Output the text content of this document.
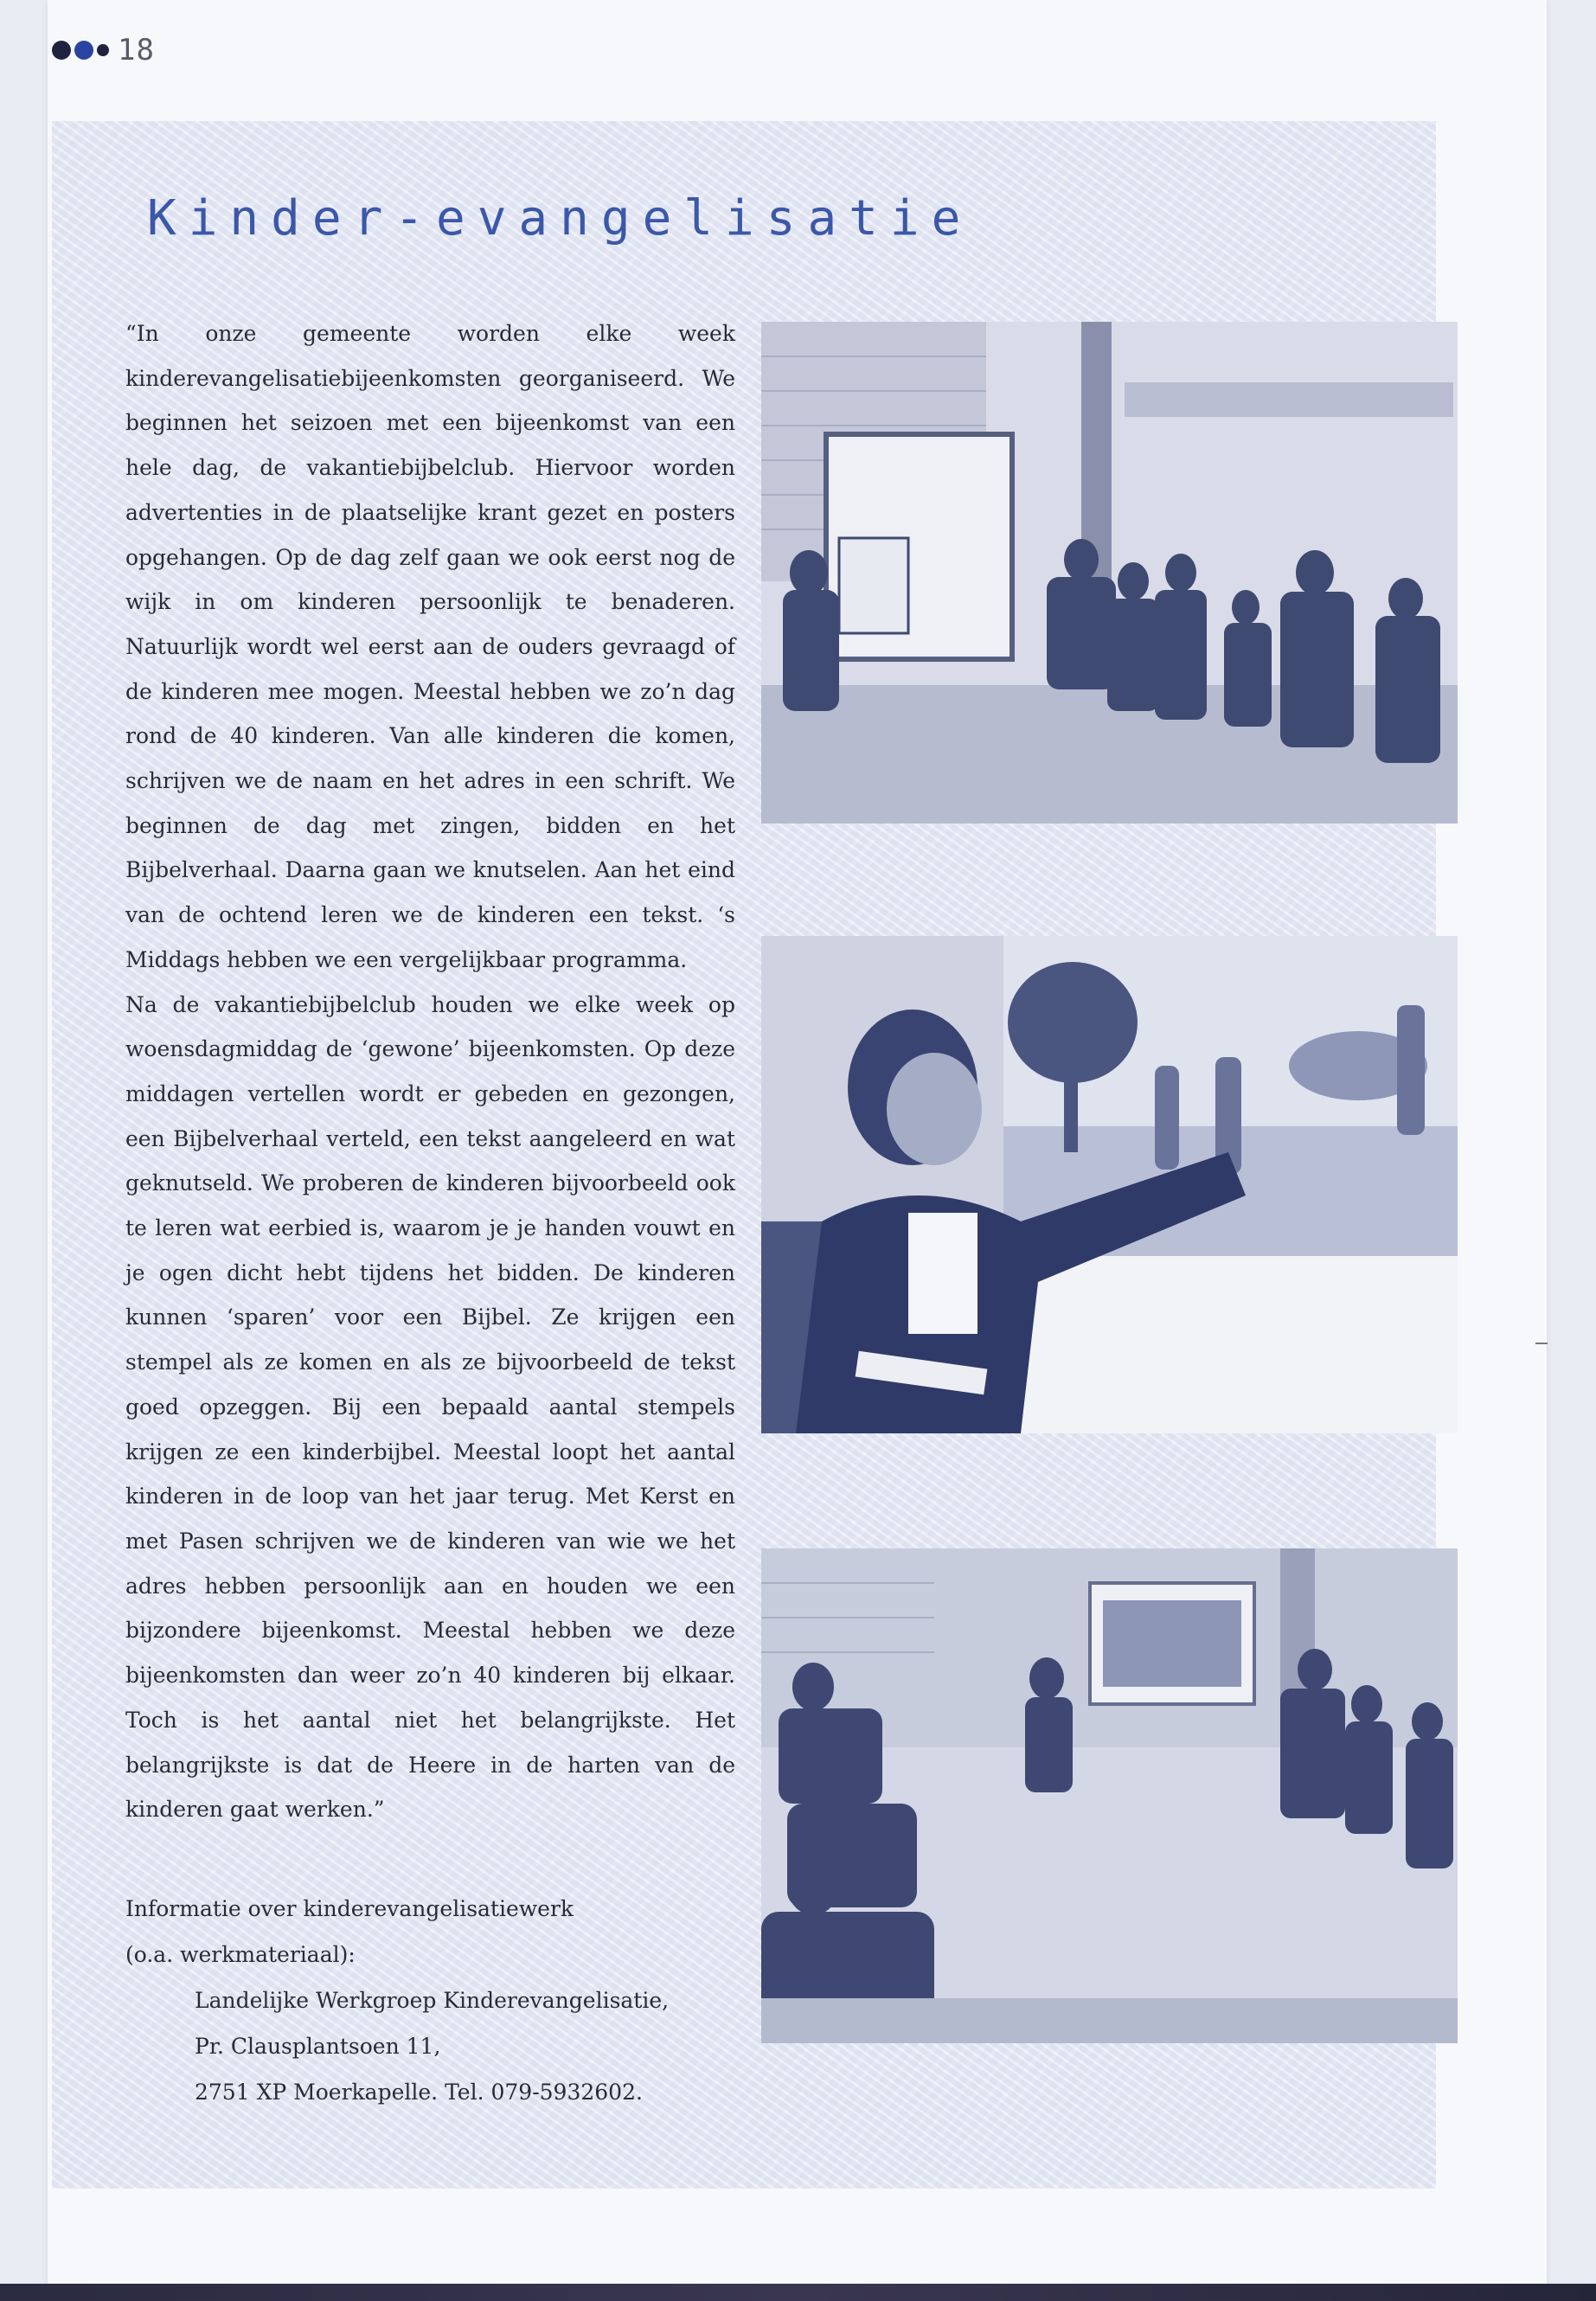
18
Kinder-evangelisatie

“In onze gemeente worden elke week kinderevangelisatiebijeenkomsten georganiseerd. We beginnen het seizoen met een bijeenkomst van een hele dag, de vakantiebijbelclub. Hiervoor worden advertenties in de plaatselijke krant gezet en posters opgehangen. Op de dag zelf gaan we ook eerst nog de wijk in om kinderen persoonlijk te benaderen. Natuurlijk wordt wel eerst aan de ouders gevraagd of de kinderen mee mogen. Meestal hebben we zo’n dag rond de 40 kinderen. Van alle kinderen die komen, schrijven we de naam en het adres in een schrift. We beginnen de dag met zingen, bidden en het Bijbelverhaal. Daarna gaan we knutselen. Aan het eind van de ochtend leren we de kinderen een tekst. ‘s Middags hebben we een vergelijkbaar programma.

Na de vakantiebijbelclub houden we elke week op woensdagmiddag de ‘gewone’ bijeenkomsten. Op deze middagen vertellen wordt er gebeden en gezongen, een Bijbelverhaal verteld, een tekst aangeleerd en wat geknutseld. We proberen de kinderen bijvoorbeeld ook te leren wat eerbied is, waarom je je handen vouwt en je ogen dicht hebt tijdens het bidden. De kinderen kunnen ‘sparen’ voor een Bijbel. Ze krijgen een stempel als ze komen en als ze bijvoorbeeld de tekst goed opzeggen. Bij een bepaald aantal stempels krijgen ze een kinderbijbel. Meestal loopt het aantal kinderen in de loop van het jaar terug. Met Kerst en met Pasen schrijven we de kinderen van wie we het adres hebben persoonlijk aan en houden we een bijzondere bijeenkomst. Meestal hebben we deze bijeenkomsten dan weer zo’n 40 kinderen bij elkaar. Toch is het aantal niet het belangrijkste. Het belangrijkste is dat de Heere in de harten van de kinderen gaat werken.”

Informatie over kinderevangelisatiewerk

(o.a. werkmateriaal):

Landelijke Werkgroep Kinderevangelisatie,

Pr. Clausplantsoen 11,

2751 XP Moerkapelle. Tel. 079-5932602.
